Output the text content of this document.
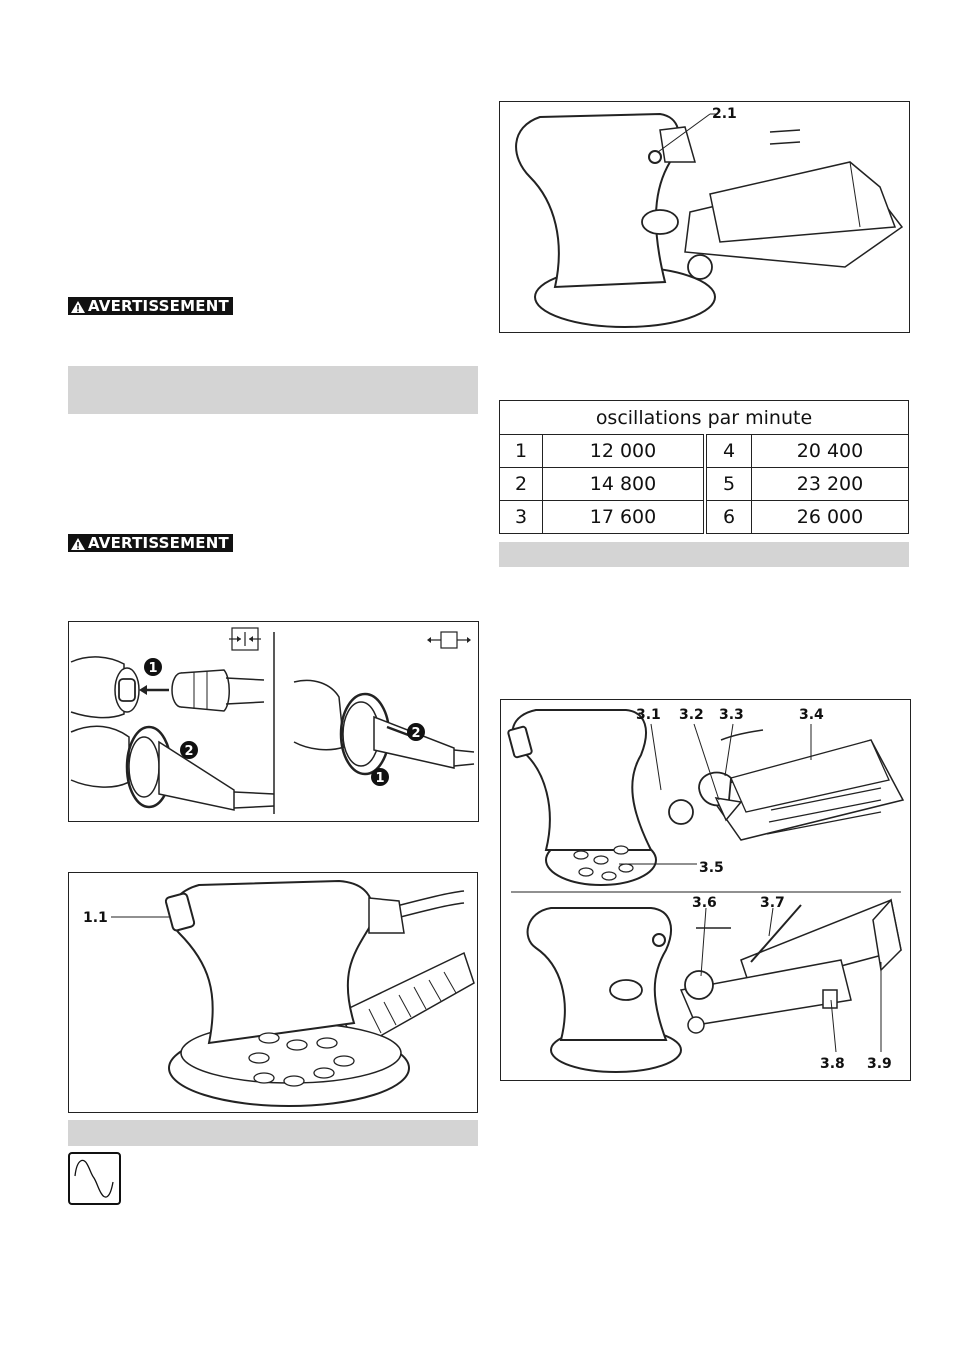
AVERTISSEMENT
AVERTISSEMENT
1
2
1
2
1.1
2.1
oscillations par minute			
1	12 000	4	20 400
2	14 800	5	23 200
3	17 600	6	26 000
3.1 3.2 3.3	3.4
3.5
3.6	3.7
3.8 3.9
